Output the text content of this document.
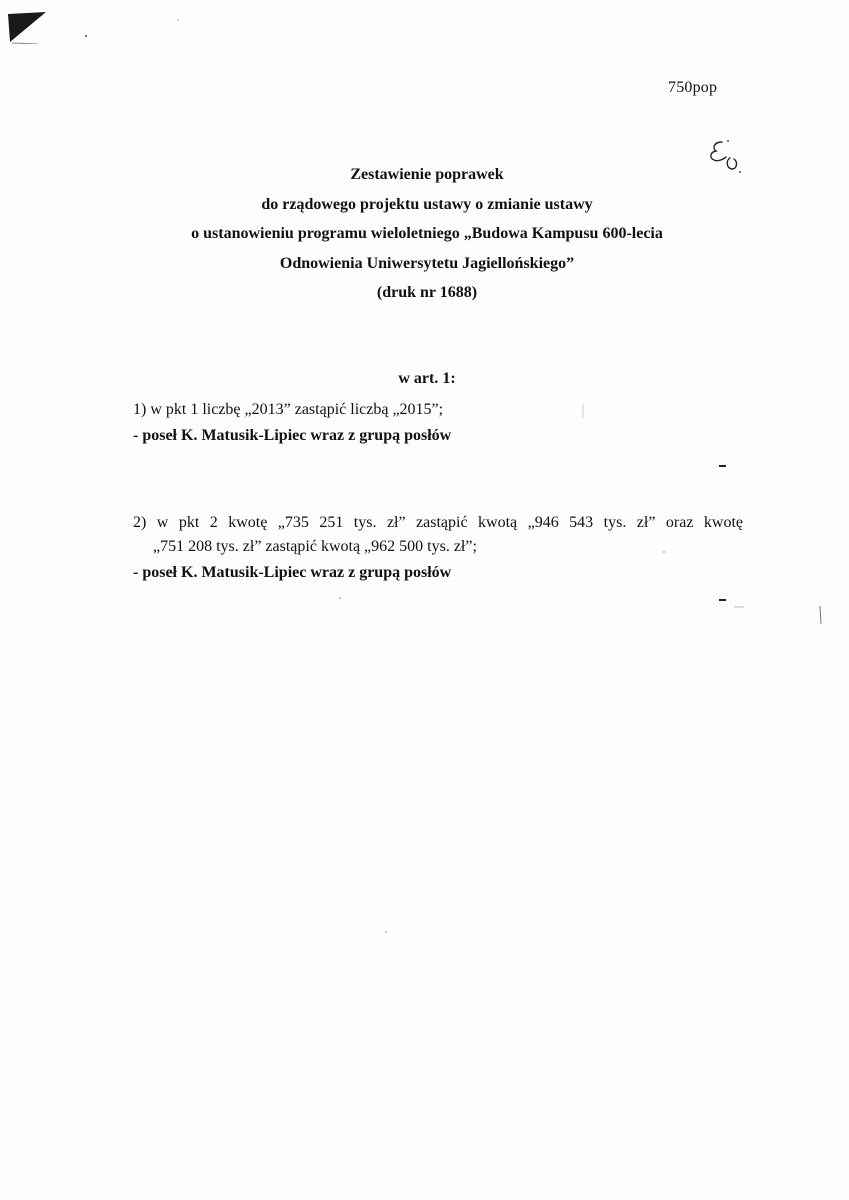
750pop
Zestawienie poprawek
do rządowego projektu ustawy o zmianie ustawy
o ustanowieniu programu wieloletniego „Budowa Kampusu 600-lecia
Odnowienia Uniwersytetu Jagiellońskiego”
(druk nr 1688)
w art. 1:
1) w pkt 1 liczbę „2013” zastąpić liczbą „2015”;
- poseł K. Matusik-Lipiec wraz z grupą posłów
2) w pkt 2 kwotę „735 251 tys. zł” zastąpić kwotą „946 543 tys. zł” oraz kwotę
„751 208 tys. zł” zastąpić kwotą „962 500 tys. zł”;
- poseł K. Matusik-Lipiec wraz z grupą posłów
